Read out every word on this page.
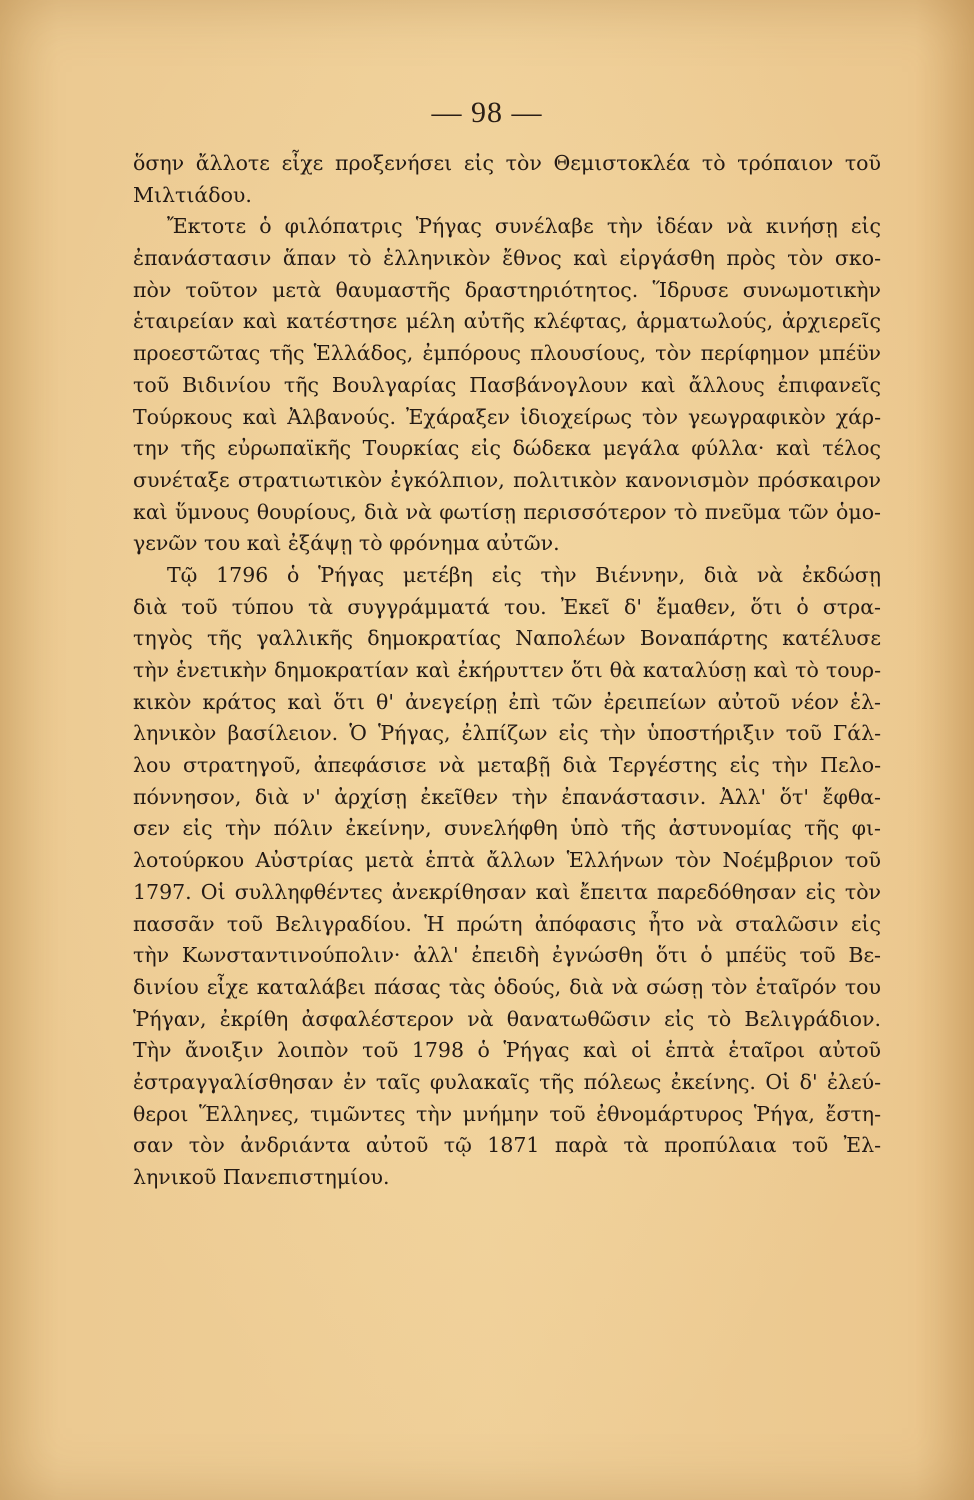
— 98 —
ὅσην ἄλλοτε εἶχε προξενήσει εἰς τὸν Θεμιστοκλέα τὸ τρόπαιον τοῦ
Μιλτιάδου.
Ἔκτοτε ὁ φιλόπατρις Ῥήγας συνέλαβε τὴν ἰδέαν νὰ κινήσῃ εἰς
ἐπανάστασιν ἅπαν τὸ ἑλληνικὸν ἔθνος καὶ εἰργάσθη πρὸς τὸν σκο-
πὸν τοῦτον μετὰ θαυμαστῆς δραστηριότητος. Ἵδρυσε συνωμοτικὴν
ἑταιρείαν καὶ κατέστησε μέλη αὐτῆς κλέφτας, ἁρματωλούς, ἀρχιερεῖς
προεστῶτας τῆς Ἑλλάδος, ἐμπόρους πλουσίους, τὸν περίφημον μπέϋν
τοῦ Βιδινίου τῆς Βουλγαρίας Πασβάνογλουν καὶ ἄλλους ἐπιφανεῖς
Τούρκους καὶ Ἀλβανούς. Ἐχάραξεν ἰδιοχείρως τὸν γεωγραφικὸν χάρ-
την τῆς εὐρωπαϊκῆς Τουρκίας εἰς δώδεκα μεγάλα φύλλα· καὶ τέλος
συνέταξε στρατιωτικὸν ἐγκόλπιον, πολιτικὸν κανονισμὸν πρόσκαιρον
καὶ ὕμνους θουρίους, διὰ νὰ φωτίσῃ περισσότερον τὸ πνεῦμα τῶν ὁμο-
γενῶν του καὶ ἐξάψῃ τὸ φρόνημα αὐτῶν.
Τῷ 1796 ὁ Ῥήγας μετέβη εἰς τὴν Βιέννην, διὰ νὰ ἐκδώσῃ
διὰ τοῦ τύπου τὰ συγγράμματά του. Ἐκεῖ δ' ἔμαθεν, ὅτι ὁ στρα-
τηγὸς τῆς γαλλικῆς δημοκρατίας Ναπολέων Βοναπάρτης κατέλυσε
τὴν ἑνετικὴν δημοκρατίαν καὶ ἐκήρυττεν ὅτι θὰ καταλύσῃ καὶ τὸ τουρ-
κικὸν κράτος καὶ ὅτι θ' ἀνεγείρῃ ἐπὶ τῶν ἐρειπείων αὐτοῦ νέον ἑλ-
ληνικὸν βασίλειον. Ὁ Ῥήγας, ἐλπίζων εἰς τὴν ὑποστήριξιν τοῦ Γάλ-
λου στρατηγοῦ, ἀπεφάσισε νὰ μεταβῇ διὰ Τεργέστης εἰς τὴν Πελο-
πόννησον, διὰ ν' ἀρχίσῃ ἐκεῖθεν τὴν ἐπανάστασιν. Ἀλλ' ὅτ' ἔφθα-
σεν εἰς τὴν πόλιν ἐκείνην, συνελήφθη ὑπὸ τῆς ἀστυνομίας τῆς φι-
λοτούρκου Αὐστρίας μετὰ ἑπτὰ ἄλλων Ἑλλήνων τὸν Νοέμβριον τοῦ
1797. Οἱ συλληφθέντες ἀνεκρίθησαν καὶ ἔπειτα παρεδόθησαν εἰς τὸν
πασσᾶν τοῦ Βελιγραδίου. Ἡ πρώτη ἀπόφασις ἦτο νὰ σταλῶσιν εἰς
τὴν Κωνσταντινούπολιν· ἀλλ' ἐπειδὴ ἐγνώσθη ὅτι ὁ μπέϋς τοῦ Βε-
δινίου εἶχε καταλάβει πάσας τὰς ὁδούς, διὰ νὰ σώσῃ τὸν ἑταῖρόν του
Ῥήγαν, ἐκρίθη ἀσφαλέστερον νὰ θανατωθῶσιν εἰς τὸ Βελιγράδιον.
Τὴν ἄνοιξιν λοιπὸν τοῦ 1798 ὁ Ῥήγας καὶ οἱ ἑπτὰ ἑταῖροι αὐτοῦ
ἐστραγγαλίσθησαν ἐν ταῖς φυλακαῖς τῆς πόλεως ἐκείνης. Οἱ δ' ἐλεύ-
θεροι Ἕλληνες, τιμῶντες τὴν μνήμην τοῦ ἐθνομάρτυρος Ῥήγα, ἔστη-
σαν τὸν ἀνδριάντα αὐτοῦ τῷ 1871 παρὰ τὰ προπύλαια τοῦ Ἐλ-
ληνικοῦ Πανεπιστημίου.
